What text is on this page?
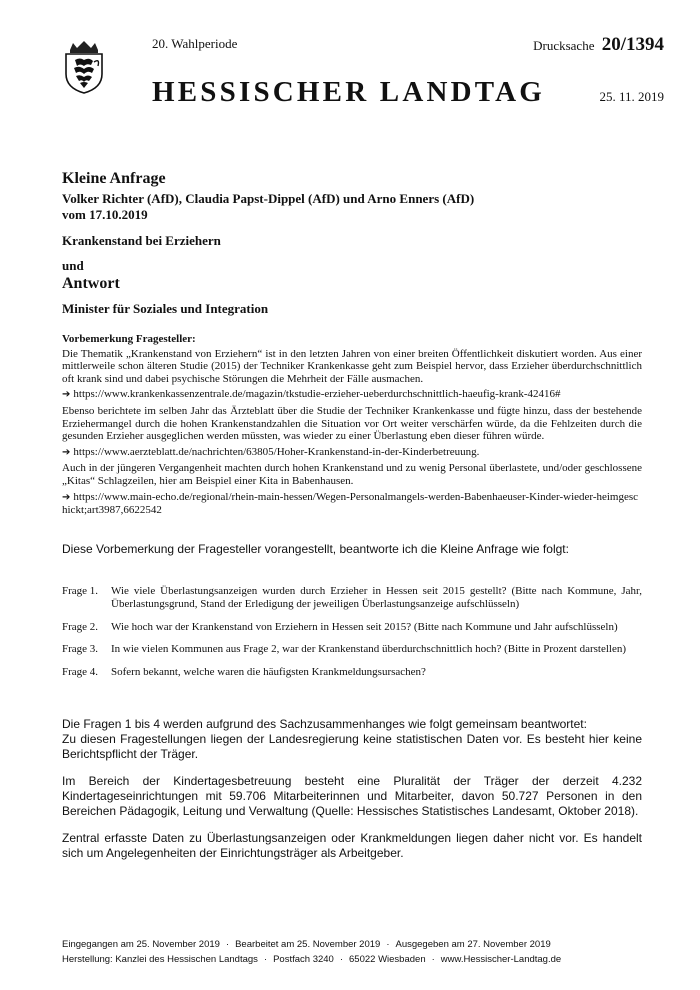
20. Wahlperiode	Drucksache 20/1394
HESSISCHER LANDTAG	25. 11. 2019
Kleine Anfrage
Volker Richter (AfD), Claudia Papst-Dippel (AfD) und Arno Enners (AfD)
vom 17.10.2019
Krankenstand bei Erziehern
und
Antwort
Minister für Soziales und Integration
Vorbemerkung Fragesteller:

Die Thematik „Krankenstand von Erziehern“ ist in den letzten Jahren von einer breiten Öffentlichkeit diskutiert worden. Aus einer mittlerweile schon älteren Studie (2015) der Techniker Krankenkasse geht zum Beispiel hervor, dass Erzieher überdurchschnittlich oft krank sind und dabei psychische Störungen die Mehrheit der Fälle ausmachen.

➔ https://www.krankenkassenzentrale.de/magazin/tkstudie-erzieher-ueberdurchschnittlich-haeufig-krank-42416#

Ebenso berichtete im selben Jahr das Ärzteblatt über die Studie der Techniker Krankenkasse und fügte hinzu, dass der bestehende Erziehermangel durch die hohen Krankenstandzahlen die Situation vor Ort weiter verschärfen würde, da die Fehlzeiten durch die gesunden Erzieher ausgeglichen werden müssten, was wieder zu einer Überlastung eben dieser führen würde.

➔ https://www.aerzteblatt.de/nachrichten/63805/Hoher-Krankenstand-in-der-Kinderbetreuung.

Auch in der jüngeren Vergangenheit machten durch hohen Krankenstand und zu wenig Personal überlastete, und/oder geschlossene „Kitas“ Schlagzeilen, hier am Beispiel einer Kita in Babenhausen.

➔ https://www.main-echo.de/regional/rhein-main-hessen/Wegen-Personalmangels-werden-Babenhaeuser-Kinder-wieder-heimgeschickt;art3987,6622542
Diese Vorbemerkung der Fragesteller vorangestellt, beantworte ich die Kleine Anfrage wie folgt:
Frage 1.	Wie viele Überlastungsanzeigen wurden durch Erzieher in Hessen seit 2015 gestellt? (Bitte nach Kommune, Jahr, Überlastungsgrund, Stand der Erledigung der jeweiligen Überlastungsanzeige aufschlüsseln)
Frage 2.	Wie hoch war der Krankenstand von Erziehern in Hessen seit 2015? (Bitte nach Kommune und Jahr aufschlüsseln)
Frage 3.	In wie vielen Kommunen aus Frage 2, war der Krankenstand überdurchschnittlich hoch? (Bitte in Prozent darstellen)
Frage 4.	Sofern bekannt, welche waren die häufigsten Krankmeldungsursachen?

Die Fragen 1 bis 4 werden aufgrund des Sachzusammenhanges wie folgt gemeinsam beantwortet:

Zu diesen Fragestellungen liegen der Landesregierung keine statistischen Daten vor. Es besteht hier keine Berichtspflicht der Träger.

Im Bereich der Kindertagesbetreuung besteht eine Pluralität der Träger der derzeit 4.232 Kindertageseinrichtungen mit 59.706 Mitarbeiterinnen und Mitarbeiter, davon 50.727 Personen in den Bereichen Pädagogik, Leitung und Verwaltung (Quelle: Hessisches Statistisches Landesamt, Oktober 2018).

Zentral erfasste Daten zu Überlastungsanzeigen oder Krankmeldungen liegen daher nicht vor. Es handelt sich um Angelegenheiten der Einrichtungsträger als Arbeitgeber.

Eingegangen am 25. November 2019 · Bearbeitet am 25. November 2019 · Ausgegeben am 27. November 2019
Herstellung: Kanzlei des Hessischen Landtags · Postfach 3240 · 65022 Wiesbaden · www.Hessischer-Landtag.de
